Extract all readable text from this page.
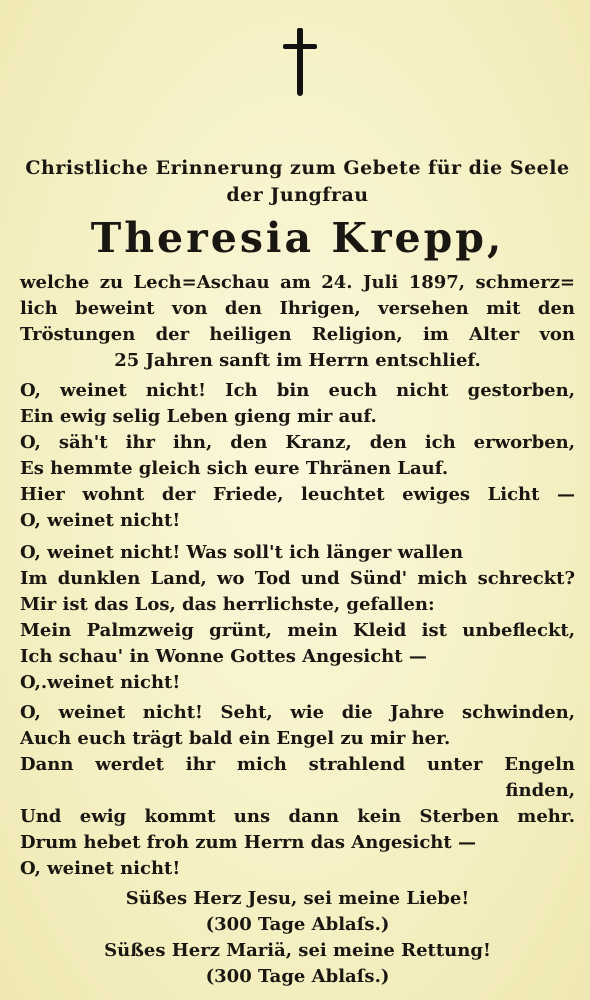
Christliche Erinnerung zum Gebete für die Seele
der Jungfrau
Theresia Krepp,
welche zu Lech=Aschau am 24. Juli 1897, schmerz=
lich beweint von den Ihrigen, versehen mit den
Tröstungen der heiligen Religion, im Alter von
25 Jahren sanft im Herrn entschlief.
O, weinet nicht! Ich bin euch nicht gestorben,
Ein ewig selig Leben gieng mir auf.
O, säh't ihr ihn, den Kranz, den ich erworben,
Es hemmte gleich sich eure Thränen Lauf.
Hier wohnt der Friede, leuchtet ewiges Licht —
O, weinet nicht!
O, weinet nicht! Was soll't ich länger wallen
Im dunklen Land, wo Tod und Sünd' mich schreckt?
Mir ist das Los, das herrlichste, gefallen:
Mein Palmzweig grünt, mein Kleid ist unbefleckt,
Ich schau' in Wonne Gottes Angesicht —
O,.weinet nicht!
O, weinet nicht! Seht, wie die Jahre schwinden,
Auch euch trägt bald ein Engel zu mir her.
Dann werdet ihr mich strahlend unter Engeln
finden,
Und ewig kommt uns dann kein Sterben mehr.
Drum hebet froh zum Herrn das Angesicht —
O, weinet nicht!
Süßes Herz Jesu, sei meine Liebe!
(300 Tage Ablaſs.)
Süßes Herz Mariä, sei meine Rettung!
(300 Tage Ablaſs.)
